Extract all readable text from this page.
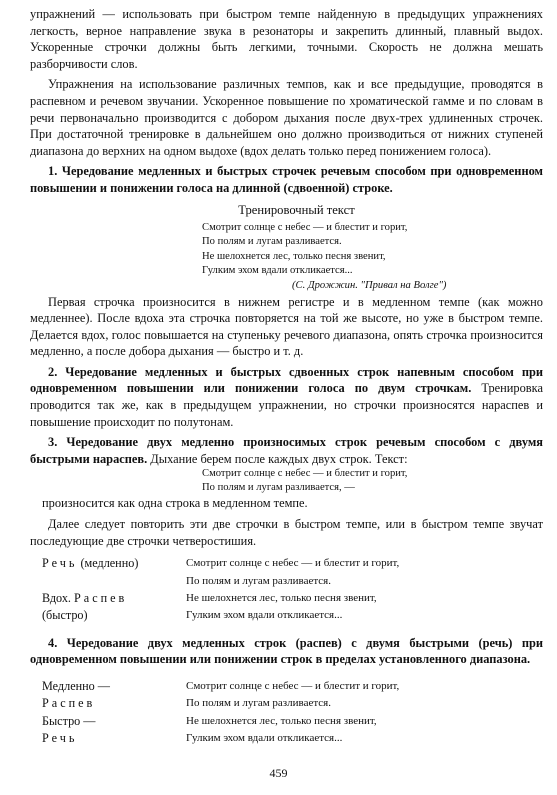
упражнений — использовать при быстром темпе найденную в предыдущих упражнениях легкость, верное направление звука в резонаторы и закрепить длинный, плавный выдох. Ускоренные строчки должны быть легкими, точными. Скорость не должна мешать разборчивости слов.

Упражнения на использование различных темпов, как и все предыдущие, проводятся в распевном и речевом звучании. Ускоренное повышение по хроматической гамме и по словам в речи первоначально производится с добором дыхания после двух-трех удлиненных строчек. При достаточной тренировке в дальнейшем оно должно производиться от нижних ступеней диапазона до верхних на одном выдохе (вдох делать только перед понижением голоса).

1. Чередование медленных и быстрых строчек речевым способом при одновременном повышении и понижении голоса на длинной (сдвоенной) строке.

Тренировочный текст
Смотрит солнце с небес — и блестит и горит,
По полям и лугам разливается.
Не шелохнется лес, только песня звенит,
Гулким эхом вдали откликается...
(С. Дрожжин. "Привал на Волге")

Первая строчка произносится в нижнем регистре и в медленном темпе (как можно медленнее). После вдоха эта строчка повторяется на той же высоте, но уже в быстром темпе. Делается вдох, голос повышается на ступеньку речевого диапазона, опять строчка произносится медленно, а после добора дыхания — быстро и т. д.

2. Чередование медленных и быстрых сдвоенных строк напевным способом при одновременном повышении или понижении голоса по двум строчкам. Тренировка проводится так же, как в предыдущем упражнении, но строчки произносятся нараспев и повышение происходит по полутонам.

3. Чередование двух медленно произносимых строк речевым способом с двумя быстрыми нараспев. Дыхание берем после каждых двух строк. Текст:

Смотрит солнце с небес — и блестит и горит,
По полям и лугам разливается, —

произносится как одна строка в медленном темпе.

Далее следует повторить эти две строчки в быстром темпе, или в быстром темпе звучат последующие две строчки четверостишия.

Речь (медленно)	Смотрит солнце с небес — и блестит и горит,
По полям и лугам разливается.
Вдох. Распев	Не шелохнется лес, только песня звенит,
(быстро)	Гулким эхом вдали откликается...

4. Чередование двух медленных строк (распев) с двумя быстрыми (речь) при одновременном повышении или понижении строк в пределах установленного диапазона.

Медленно —	Смотрит солнце с небес — и блестит и горит,
Распев	По полям и лугам разливается.
Быстро —	Не шелохнется лес, только песня звенит,
Речь	Гулким эхом вдали откликается...
459
